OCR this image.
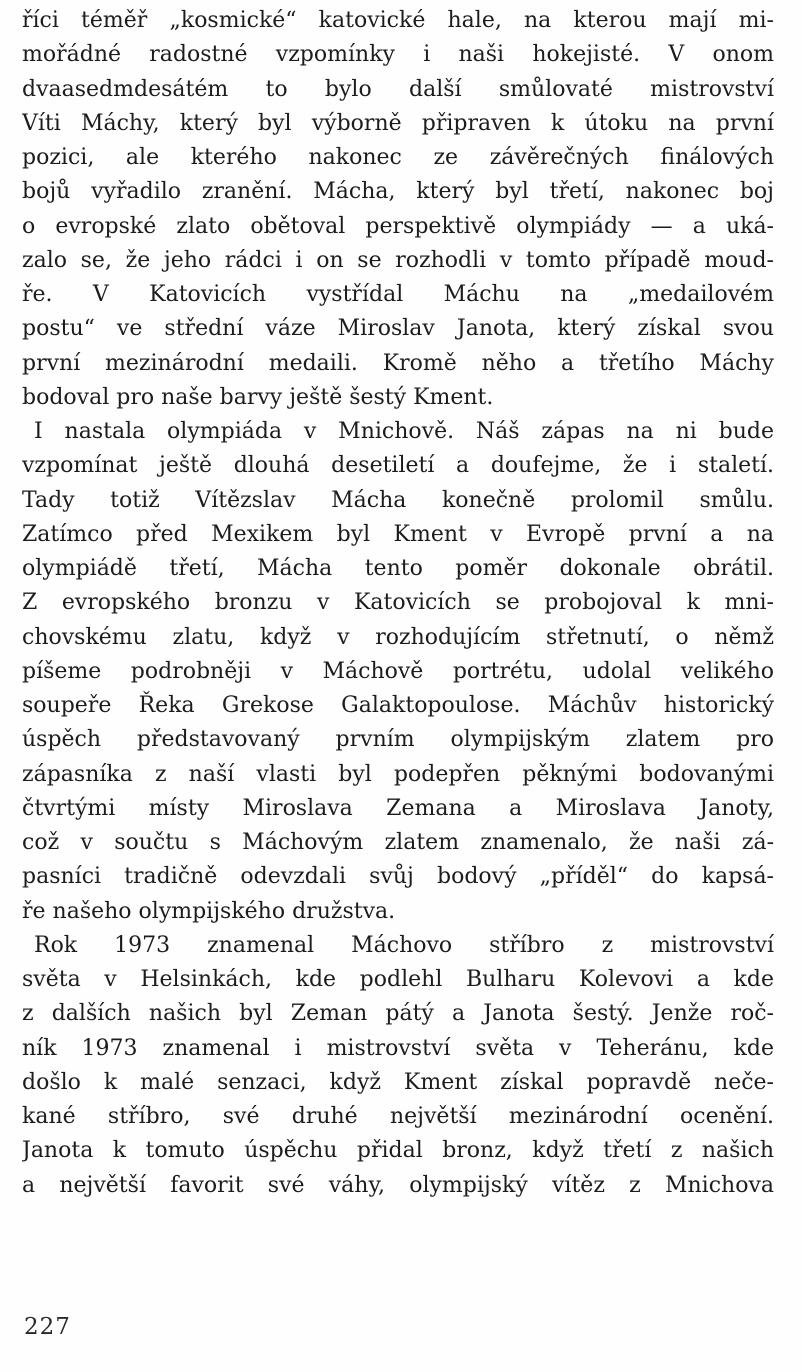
říci téměř „kosmické“ katovické hale, na kterou mají mi-
mořádné radostné vzpomínky i naši hokejisté. V onom
dvaasedmdesátém to bylo další smůlovaté mistrovství
Víti Máchy, který byl výborně připraven k útoku na první
pozici, ale kterého nakonec ze závěrečných finálových
bojů vyřadilo zranění. Mácha, který byl třetí, nakonec boj
o evropské zlato obětoval perspektivě olympiády — a uká-
zalo se, že jeho rádci i on se rozhodli v tomto případě moud-
ře. V Katovicích vystřídal Máchu na „medailovém
postu“ ve střední váze Miroslav Janota, který získal svou
první mezinárodní medaili. Kromě něho a třetího Máchy
bodoval pro naše barvy ještě šestý Kment.
I nastala olympiáda v Mnichově. Náš zápas na ni bude
vzpomínat ještě dlouhá desetiletí a doufejme, že i staletí.
Tady totiž Vítězslav Mácha konečně prolomil smůlu.
Zatímco před Mexikem byl Kment v Evropě první a na
olympiádě třetí, Mácha tento poměr dokonale obrátil.
Z evropského bronzu v Katovicích se probojoval k mni-
chovskému zlatu, když v rozhodujícím střetnutí, o němž
píšeme podrobněji v Máchově portrétu, udolal velikého
soupeře Řeka Grekose Galaktopoulose. Máchův historický
úspěch představovaný prvním olympijským zlatem pro
zápasníka z naší vlasti byl podepřen pěknými bodovanými
čtvrtými místy Miroslava Zemana a Miroslava Janoty,
což v součtu s Máchovým zlatem znamenalo, že naši zá-
pasníci tradičně odevzdali svůj bodový „příděl“ do kapsá-
ře našeho olympijského družstva.
Rok 1973 znamenal Máchovo stříbro z mistrovství
světa v Helsinkách, kde podlehl Bulharu Kolevovi a kde
z dalších našich byl Zeman pátý a Janota šestý. Jenže roč-
ník 1973 znamenal i mistrovství světa v Teheránu, kde
došlo k malé senzaci, když Kment získal popravdě neče-
kané stříbro, své druhé největší mezinárodní ocenění.
Janota k tomuto úspěchu přidal bronz, když třetí z našich
a největší favorit své váhy, olympijský vítěz z Mnichova
227
